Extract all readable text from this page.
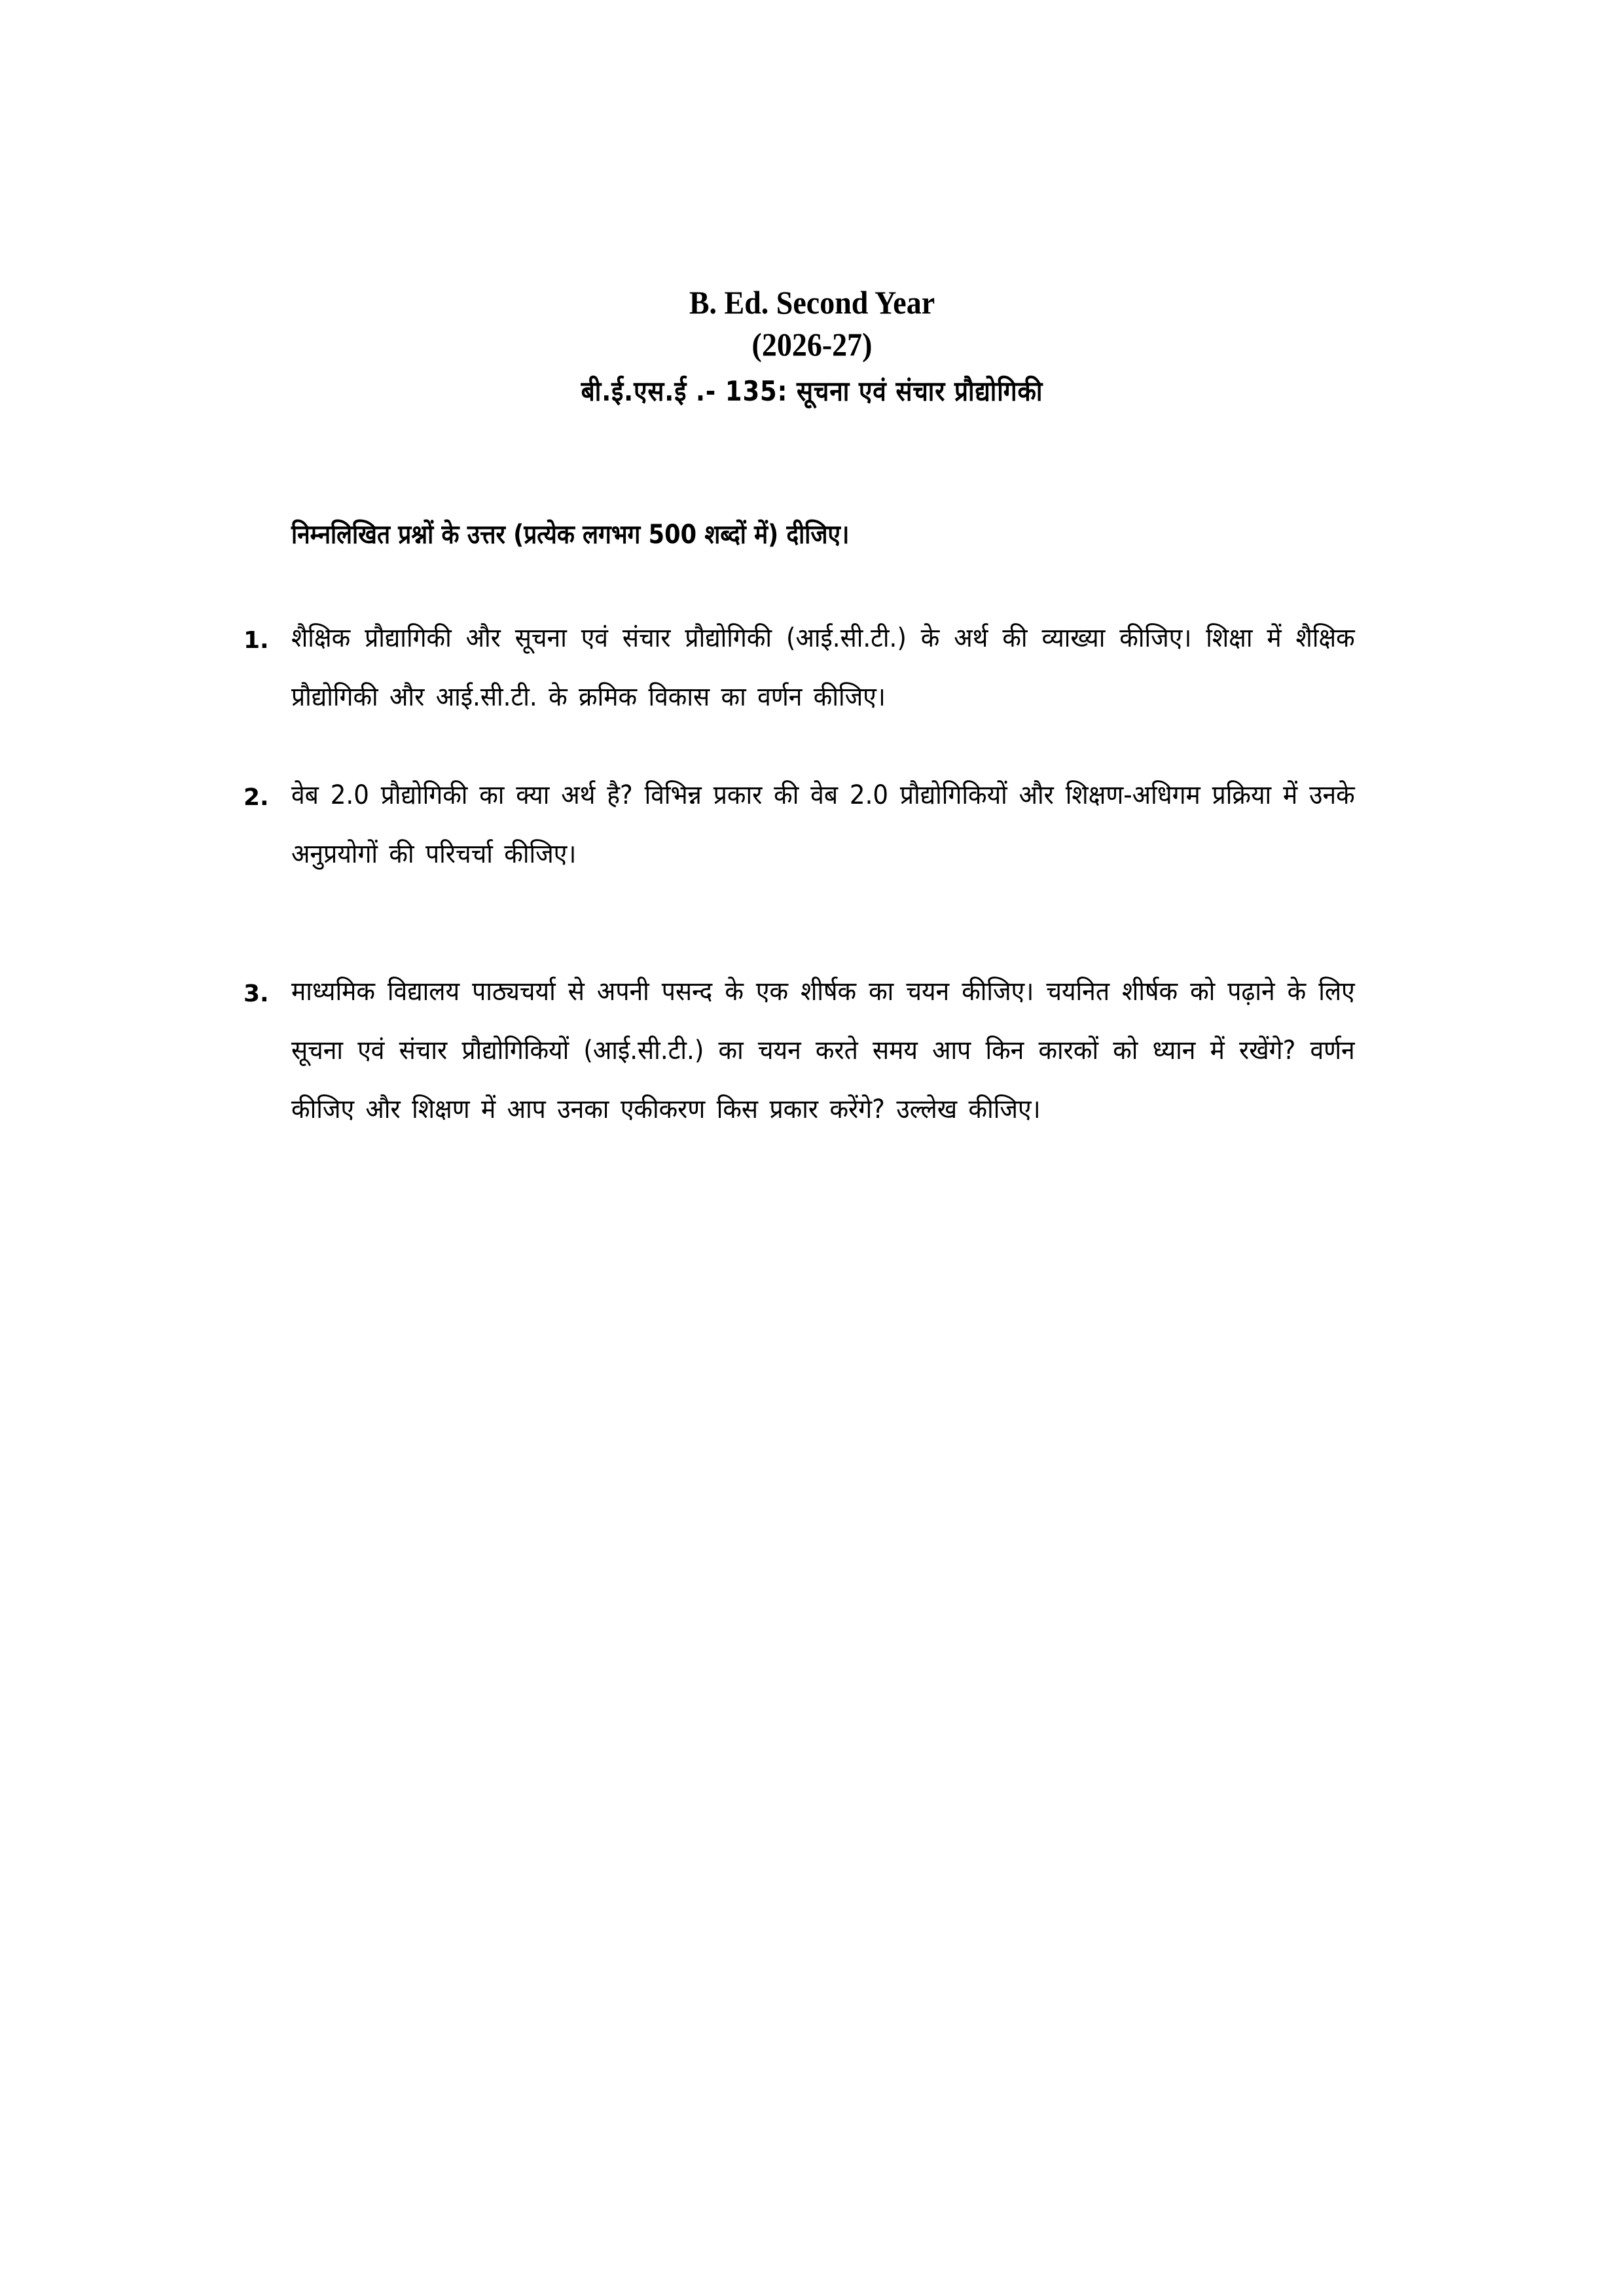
B. Ed. Second Year

(2026-27)

बी.ई.एस.ई .- 135: सूचना एवं संचार प्रौद्योगिकी

निम्नलिखित प्रश्नों के उत्तर (प्रत्येक लगभग 500 शब्दों में) दीजिए।
1. शैक्षिक प्रौद्यागिकी और सूचना एवं संचार प्रौद्योगिकी (आई.सी.टी.) के अर्थ की व्याख्या कीजिए। शिक्षा में शैक्षिक प्रौद्योगिकी और आई.सी.टी. के क्रमिक विकास का वर्णन कीजिए।
2. वेब 2.0 प्रौद्योगिकी का क्या अर्थ है? विभिन्न प्रकार की वेब 2.0 प्रौद्योगिकियों और शिक्षण-अधिगम प्रक्रिया में उनके अनुप्रयोगों की परिचर्चा कीजिए।
3. माध्यमिक विद्यालय पाठ्यचर्या से अपनी पसन्द के एक शीर्षक का चयन कीजिए। चयनित शीर्षक को पढ़ाने के लिए सूचना एवं संचार प्रौद्योगिकियों (आई.सी.टी.) का चयन करते समय आप किन कारकों को ध्यान में रखेंगे? वर्णन कीजिए और शिक्षण में आप उनका एकीकरण किस प्रकार करेंगे? उल्लेख कीजिए।
